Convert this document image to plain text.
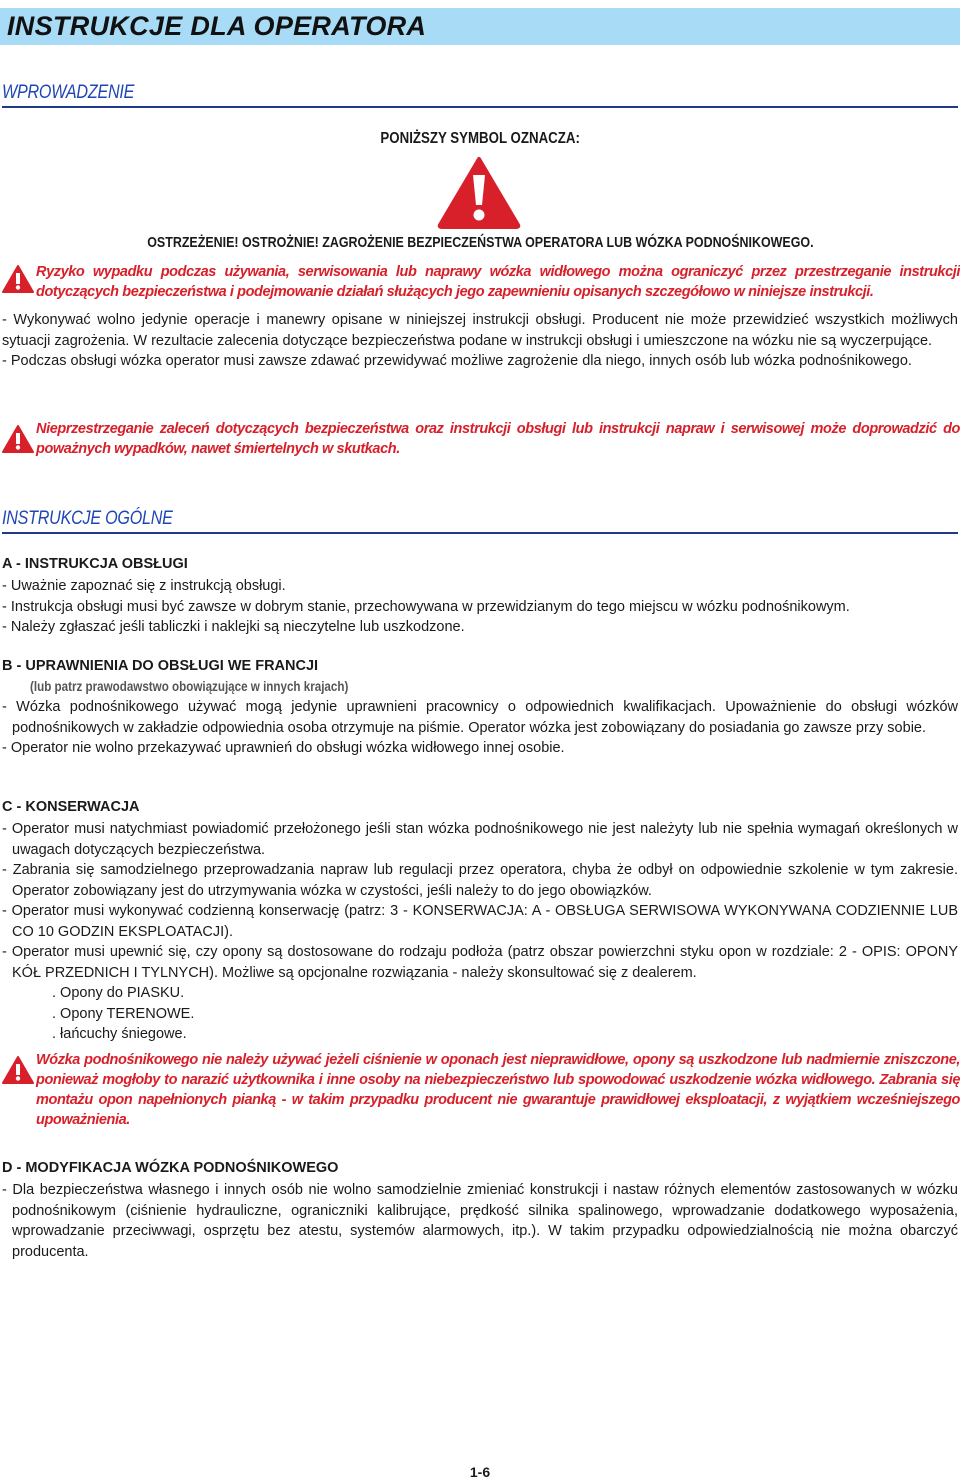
INSTRUKCJE DLA OPERATORA
WPROWADZENIE
PONIŻSZY SYMBOL OZNACZA:
OSTRZEŻENIE! OSTROŻNIE! ZAGROŻENIE BEZPIECZEŃSTWA OPERATORA LUB WÓZKA PODNOŚNIKOWEGO.
Ryzyko wypadku podczas używania, serwisowania lub naprawy wózka widłowego można ograniczyć przez przestrzeganie instrukcji dotyczących bezpieczeństwa i podejmowanie działań służących jego zapewnieniu opisanych szczegółowo w niniejsze instrukcji.

- Wykonywać wolno jedynie operacje i manewry opisane w niniejszej instrukcji obsługi. Producent nie może przewidzieć wszystkich możliwych sytuacji zagrożenia. W rezultacie zalecenia dotyczące bezpieczeństwa podane w instrukcji obsługi i umieszczone na wózku nie są wyczerpujące.

- Podczas obsługi wózka operator musi zawsze zdawać przewidywać możliwe zagrożenie dla niego, innych osób lub wózka podnośnikowego.

Nieprzestrzeganie zaleceń dotyczących bezpieczeństwa oraz instrukcji obsługi lub instrukcji napraw i serwisowej może doprowadzić do poważnych wypadków, nawet śmiertelnych w skutkach.
INSTRUKCJE OGÓLNE
A - INSTRUKCJA OBSŁUGI

- Uważnie zapoznać się z instrukcją obsługi.

- Instrukcja obsługi musi być zawsze w dobrym stanie, przechowywana w przewidzianym do tego miejscu w wózku podnośnikowym.

- Należy zgłaszać jeśli tabliczki i naklejki są nieczytelne lub uszkodzone.

B - UPRAWNIENIA DO OBSŁUGI WE FRANCJI
(lub patrz prawodawstwo obowiązujące w innych krajach)

- Wózka podnośnikowego używać mogą jedynie uprawnieni pracownicy o odpowiednich kwalifikacjach. Upoważnienie do obsługi wózków podnośnikowych w zakładzie odpowiednia osoba otrzymuje na piśmie. Operator wózka jest zobowiązany do posiadania go zawsze przy sobie.

- Operator nie wolno przekazywać uprawnień do obsługi wózka widłowego innej osobie.

C - KONSERWACJA

- Operator musi natychmiast powiadomić przełożonego jeśli stan wózka podnośnikowego nie jest należyty lub nie spełnia wymagań określonych w uwagach dotyczących bezpieczeństwa.

- Zabrania się samodzielnego przeprowadzania napraw lub regulacji przez operatora, chyba że odbył on odpowiednie szkolenie w tym zakresie. Operator zobowiązany jest do utrzymywania wózka w czystości, jeśli należy to do jego obowiązków.

- Operator musi wykonywać codzienną konserwację (patrz: 3 - KONSERWACJA: A - OBSŁUGA SERWISOWA WYKONYWANA CODZIENNIE LUB CO 10 GODZIN EKSPLOATACJI).

- Operator musi upewnić się, czy opony są dostosowane do rodzaju podłoża (patrz obszar powierzchni styku opon w rozdziale: 2 - OPIS: OPONY KÓŁ PRZEDNICH I TYLNYCH). Możliwe są opcjonalne rozwiązania - należy skonsultować się z dealerem.

. Opony do PIASKU.

. Opony TERENOWE.

. łańcuchy śniegowe.

Wózka podnośnikowego nie należy używać jeżeli ciśnienie w oponach jest nieprawidłowe, opony są uszkodzone lub nadmiernie zniszczone, ponieważ mogłoby to narazić użytkownika i inne osoby na niebezpieczeństwo lub spowodować uszkodzenie wózka widłowego. Zabrania się montażu opon napełnionych pianką - w takim przypadku producent nie gwarantuje prawidłowej eksploatacji, z wyjątkiem wcześniejszego upoważnienia.
D - MODYFIKACJA WÓZKA PODNOŚNIKOWEGO

- Dla bezpieczeństwa własnego i innych osób nie wolno samodzielnie zmieniać konstrukcji i nastaw różnych elementów zastosowanych w wózku podnośnikowym (ciśnienie hydrauliczne, ograniczniki kalibrujące, prędkość silnika spalinowego, wprowadzanie dodatkowego wyposażenia, wprowadzanie przeciwwagi, osprzętu bez atestu, systemów alarmowych, itp.). W takim przypadku odpowiedzialnością nie można obarczyć producenta.

1-6
